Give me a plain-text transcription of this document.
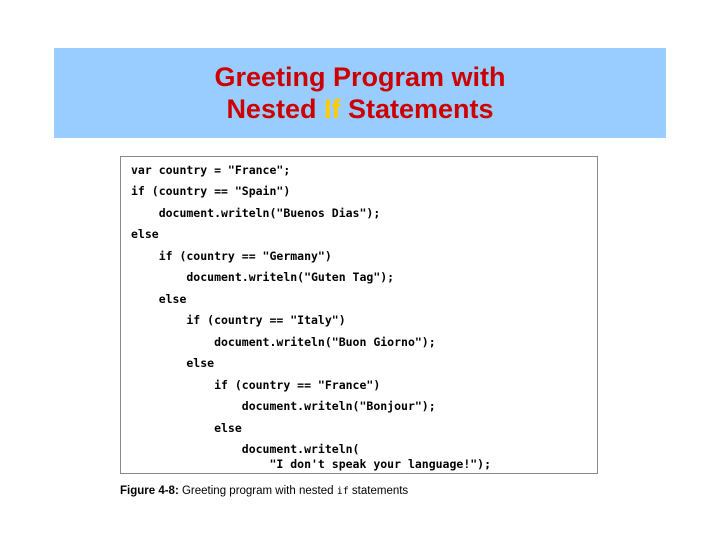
Greeting Program with
Nested If Statements
var country = "France";
if (country == "Spain")
document.writeln("Buenos Dias");
else
if (country == "Germany")
document.writeln("Guten Tag");
else
if (country == "Italy")
document.writeln("Buon Giorno");
else
if (country == "France")
document.writeln("Bonjour");
else
document.writeln(
"I don't speak your language!");
Figure 4-8: Greeting program with nested if statements
